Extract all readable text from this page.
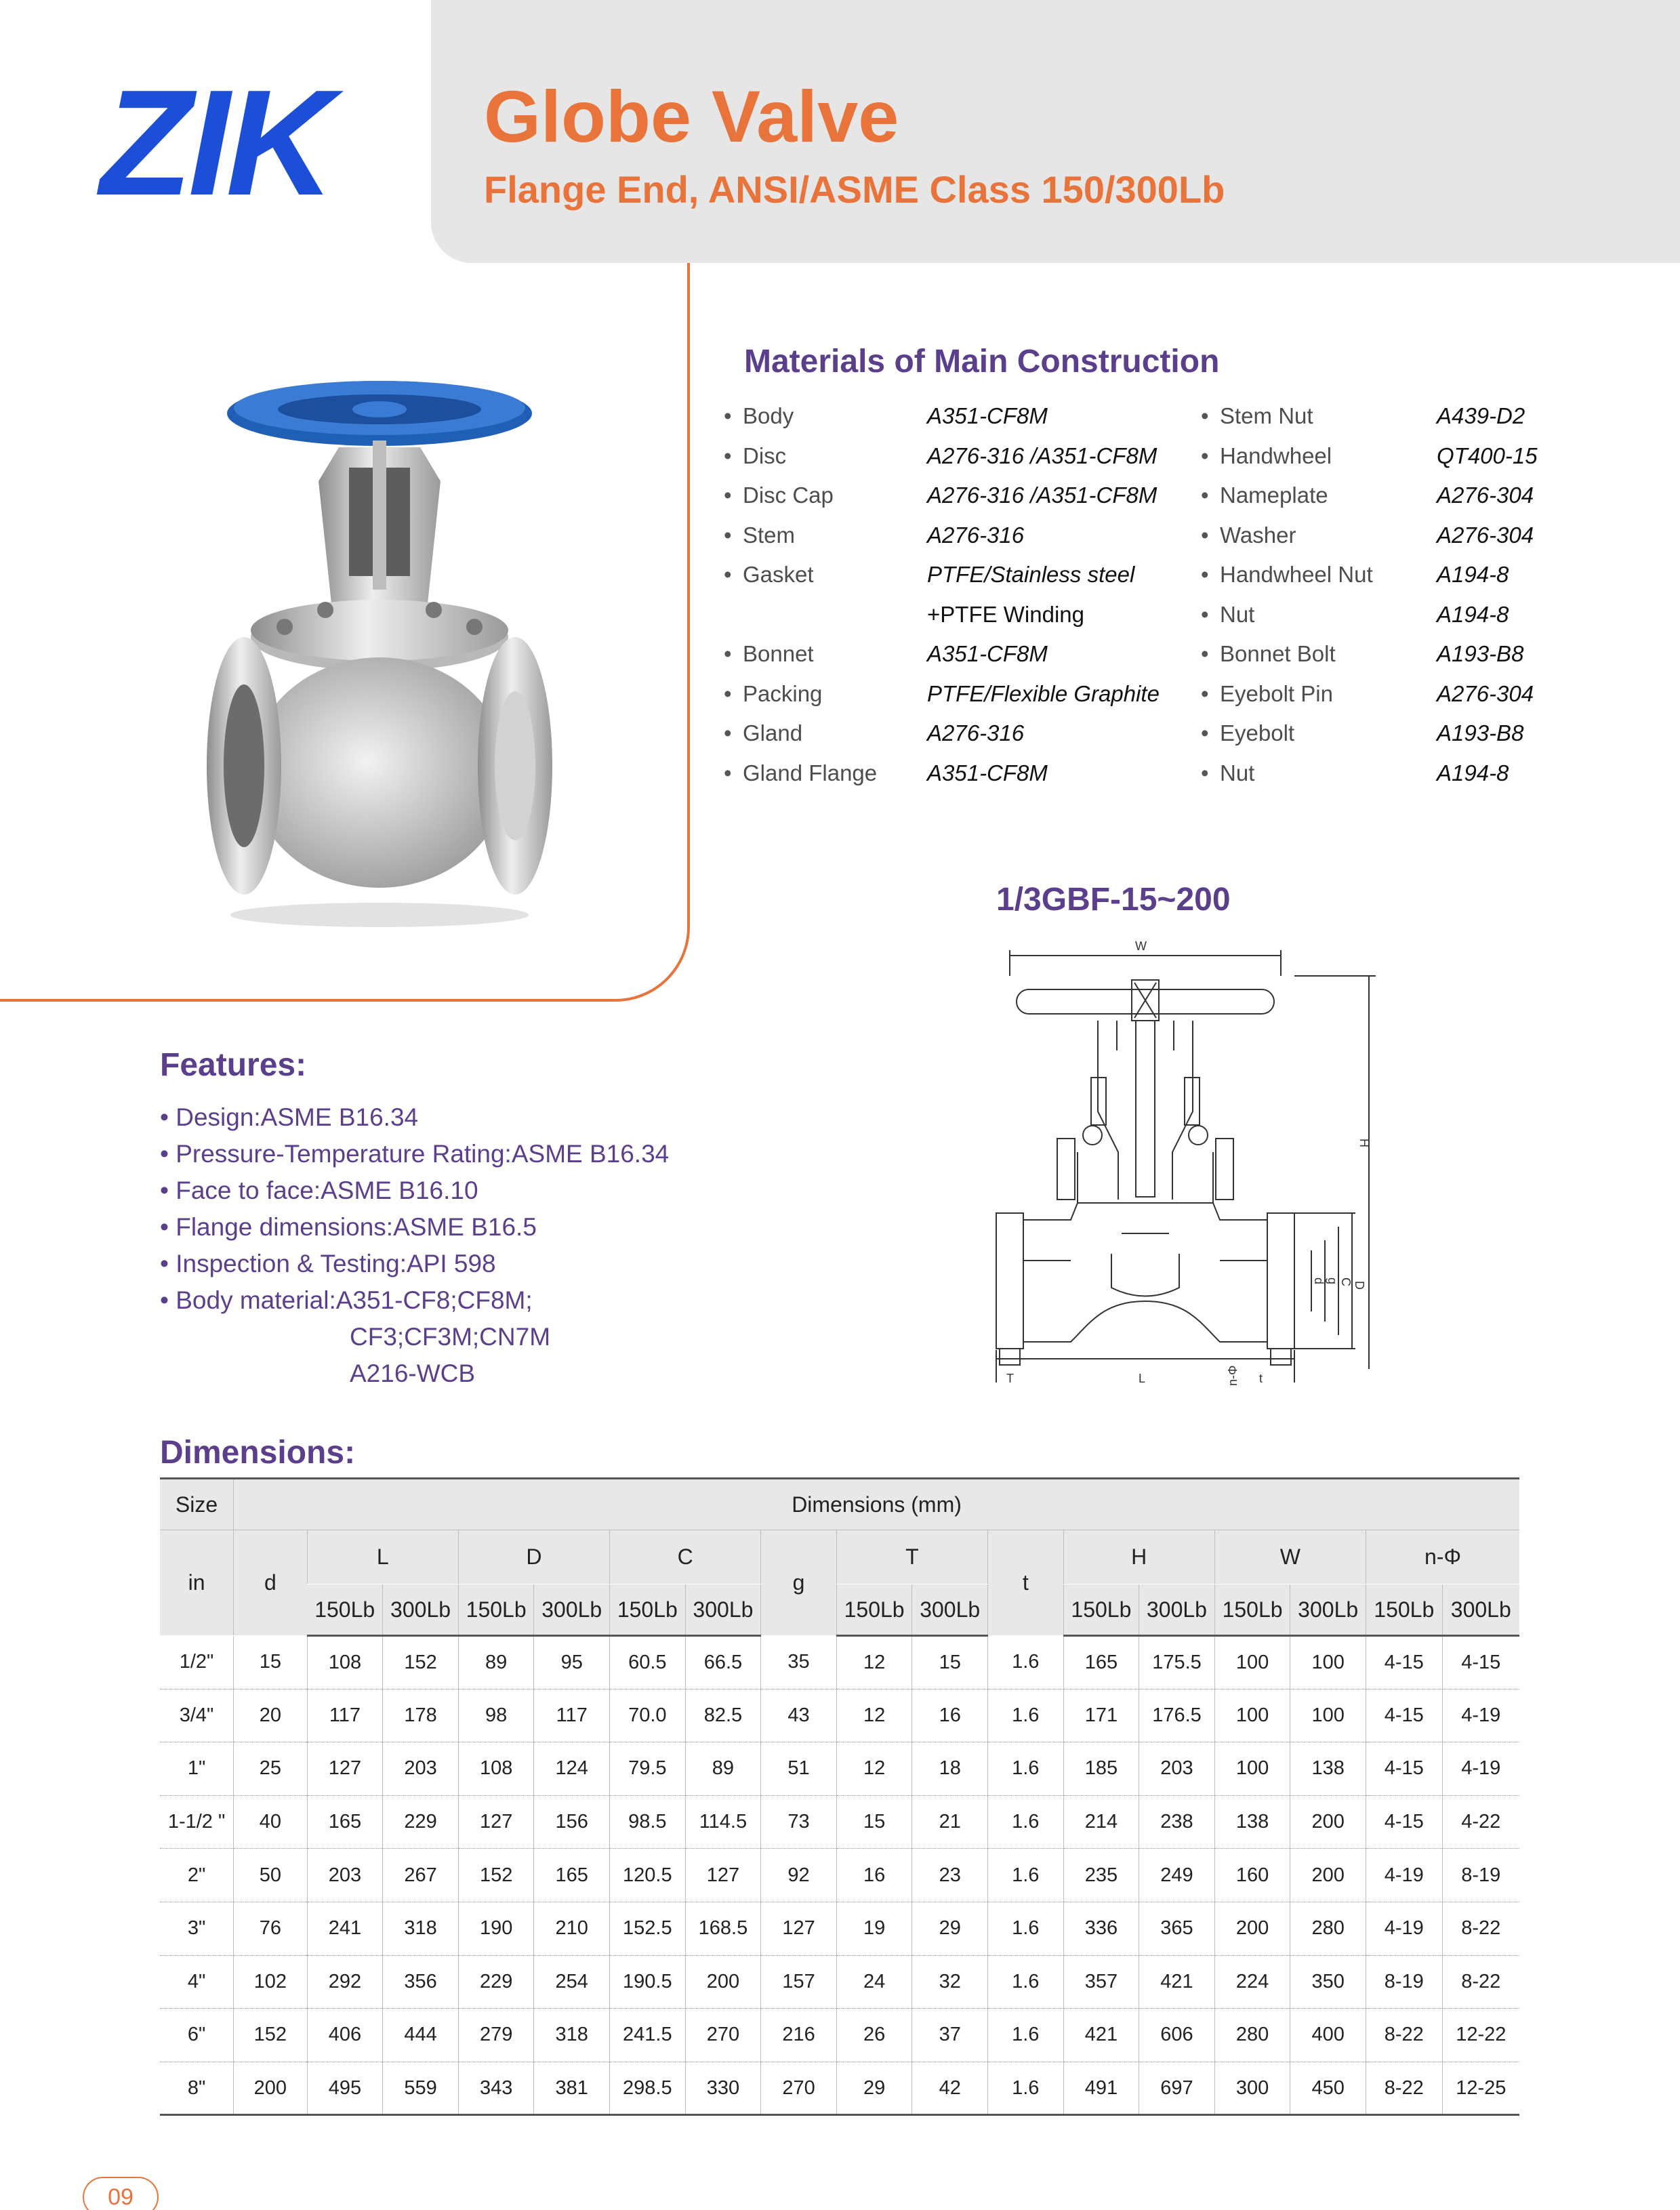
ZIK Globe Valve
Flange End, ANSI/ASME Class 150/300Lb
Materials of Main Construction
• Body	A351-CF8M
• Disc	A276-316 /A351-CF8M
• Disc Cap	A276-316 /A351-CF8M
• Stem	A276-316
• Gasket	PTFE/Stainless steel
+PTFE Winding
• Bonnet	A351-CF8M
• Packing	PTFE/Flexible Graphite
• Gland	A276-316
• Gland Flange	A351-CF8M
• Stem Nut	A439-D2
• Handwheel	QT400-15
• Nameplate	A276-304
• Washer	A276-304
• Handwheel Nut	A194-8
• Nut	A194-8
• Bonnet Bolt	A193-B8
• Eyebolt Pin	A276-304
• Eyebolt	A193-B8
• Nut	A194-8
1/3GBF-15~200
W
L
T	t
n-Φ
H
D
C
g
d
Features:
• Design:ASME B16.34
• Pressure-Temperature Rating:ASME B16.34
• Face to face:ASME B16.10
• Flange dimensions:ASME B16.5
• Inspection & Testing:API 598
• Body material:A351-CF8;CF8M;
CF3;CF3M;CN7M
A216-WCB
Dimensions:
Size	Dimensions (mm)																
in	d	L		D		C		g	T		t	H		W		n-Φ	
		150Lb	300Lb	150Lb	300Lb	150Lb	300Lb		150Lb	300Lb		150Lb	300Lb	150Lb	300Lb	150Lb	300Lb
1/2"	15	108	152	89	95	60.5	66.5	35	12	15	1.6	165	175.5	100	100	4-15	4-15
3/4"	20	117	178	98	117	70.0	82.5	43	12	16	1.6	171	176.5	100	100	4-15	4-19
1"	25	127	203	108	124	79.5	89	51	12	18	1.6	185	203	100	138	4-15	4-19
1-1/2 "	40	165	229	127	156	98.5	114.5	73	15	21	1.6	214	238	138	200	4-15	4-22
2"	50	203	267	152	165	120.5	127	92	16	23	1.6	235	249	160	200	4-19	8-19
3"	76	241	318	190	210	152.5	168.5	127	19	29	1.6	336	365	200	280	4-19	8-22
4"	102	292	356	229	254	190.5	200	157	24	32	1.6	357	421	224	350	8-19	8-22
6"	152	406	444	279	318	241.5	270	216	26	37	1.6	421	606	280	400	8-22	12-22
8"	200	495	559	343	381	298.5	330	270	29	42	1.6	491	697	300	450	8-22	12-25
09
